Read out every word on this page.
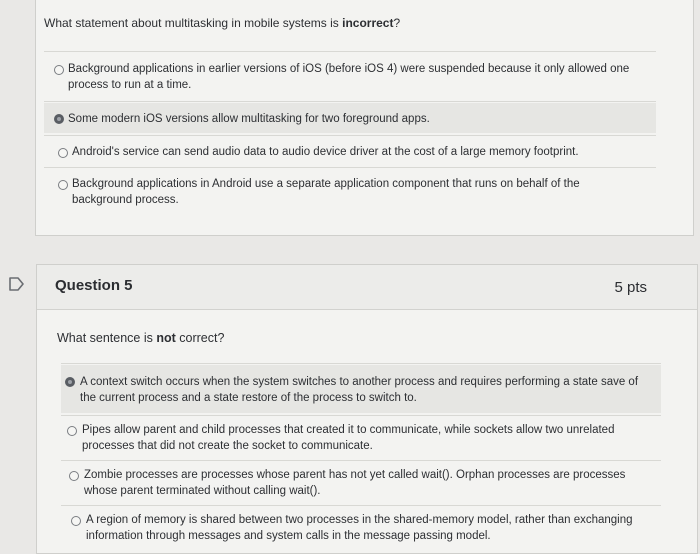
What statement about multitasking in mobile systems is incorrect?
Background applications in earlier versions of iOS (before iOS 4) were suspended because it only allowed one
process to run at a time.
Some modern iOS versions allow multitasking for two foreground apps.
Android's service can send audio data to audio device driver at the cost of a large memory footprint.
Background applications in Android use a separate application component that runs on behalf of the
background process.
Question 5	5 pts
What sentence is not correct?
A context switch occurs when the system switches to another process and requires performing a state save of
the current process and a state restore of the process to switch to.
Pipes allow parent and child processes that created it to communicate, while sockets allow two unrelated
processes that did not create the socket to communicate.
Zombie processes are processes whose parent has not yet called wait(). Orphan processes are processes
whose parent terminated without calling wait().
A region of memory is shared between two processes in the shared-memory model, rather than exchanging
information through messages and system calls in the message passing model.
